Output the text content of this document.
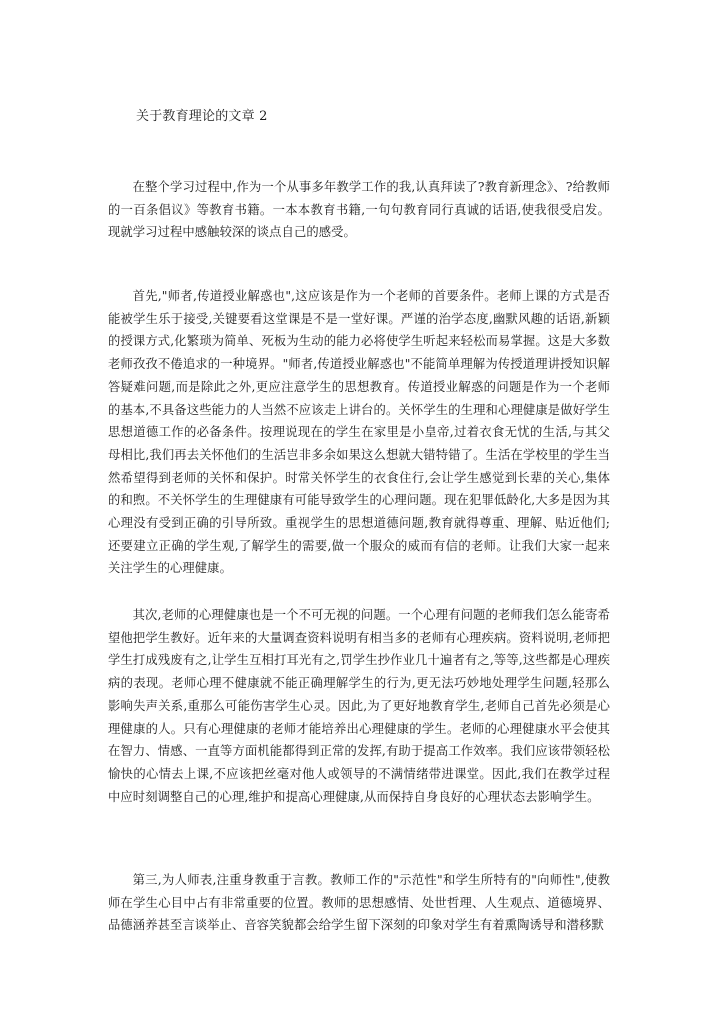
关于教育理论的文章 2

在整个学习过程中,作为一个从事多年教学工作的我,认真拜读了?教育新理念》、?给教师的一百条倡议》等教育书籍。一本本教育书籍,一句句教育同行真诚的话语,使我很受启发。现就学习过程中感触较深的谈点自己的感受。

首先,"师者,传道授业解惑也",这应该是作为一个老师的首要条件。老师上课的方式是否能被学生乐于接受,关键要看这堂课是不是一堂好课。严谨的治学态度,幽默风趣的话语,新颖的授课方式,化繁琐为简单、死板为生动的能力必将使学生听起来轻松而易掌握。这是大多数老师孜孜不倦追求的一种境界。"师者,传道授业解惑也"不能简单理解为传授道理讲授知识解答疑难问题,而是除此之外,更应注意学生的思想教育。传道授业解惑的问题是作为一个老师的基本,不具备这些能力的人当然不应该走上讲台的。关怀学生的生理和心理健康是做好学生思想道德工作的必备条件。按理说现在的学生在家里是小皇帝,过着衣食无忧的生活,与其父母相比,我们再去关怀他们的生活岂非多余如果这么想就大错特错了。生活在学校里的学生当然希望得到老师的关怀和保护。时常关怀学生的衣食住行,会让学生感觉到长辈的关心,集体的和煦。不关怀学生的生理健康有可能导致学生的心理问题。现在犯罪低龄化,大多是因为其心理没有受到正确的引导所致。重视学生的思想道德问题,教育就得尊重、理解、贴近他们;还要建立正确的学生观,了解学生的需要,做一个服众的威而有信的老师。让我们大家一起来关注学生的心理健康。

其次,老师的心理健康也是一个不可无视的问题。一个心理有问题的老师我们怎么能寄希望他把学生教好。近年来的大量调查资料说明有相当多的老师有心理疾病。资料说明,老师把学生打成残废有之,让学生互相打耳光有之,罚学生抄作业几十遍者有之,等等,这些都是心理疾病的表现。老师心理不健康就不能正确理解学生的行为,更无法巧妙地处理学生问题,轻那么影响失声关系,重那么可能伤害学生心灵。因此,为了更好地教育学生,老师自己首先必须是心理健康的人。只有心理健康的老师才能培养出心理健康的学生。老师的心理健康水平会使其在智力、情感、一直等方面机能都得到正常的发挥,有助于提高工作效率。我们应该带领轻松愉快的心情去上课,不应该把丝毫对他人或领导的不满情绪带进课堂。因此,我们在教学过程中应时刻调整自己的心理,维护和提高心理健康,从而保持自身良好的心理状态去影响学生。

第三,为人师表,注重身教重于言教。教师工作的"示范性"和学生所特有的"向师性",使教师在学生心目中占有非常重要的位置。教师的思想感情、处世哲理、人生观点、道德境界、品德涵养甚至言谈举止、音容笑貌都会给学生留下深刻的印象对学生有着熏陶诱导和潜移默
